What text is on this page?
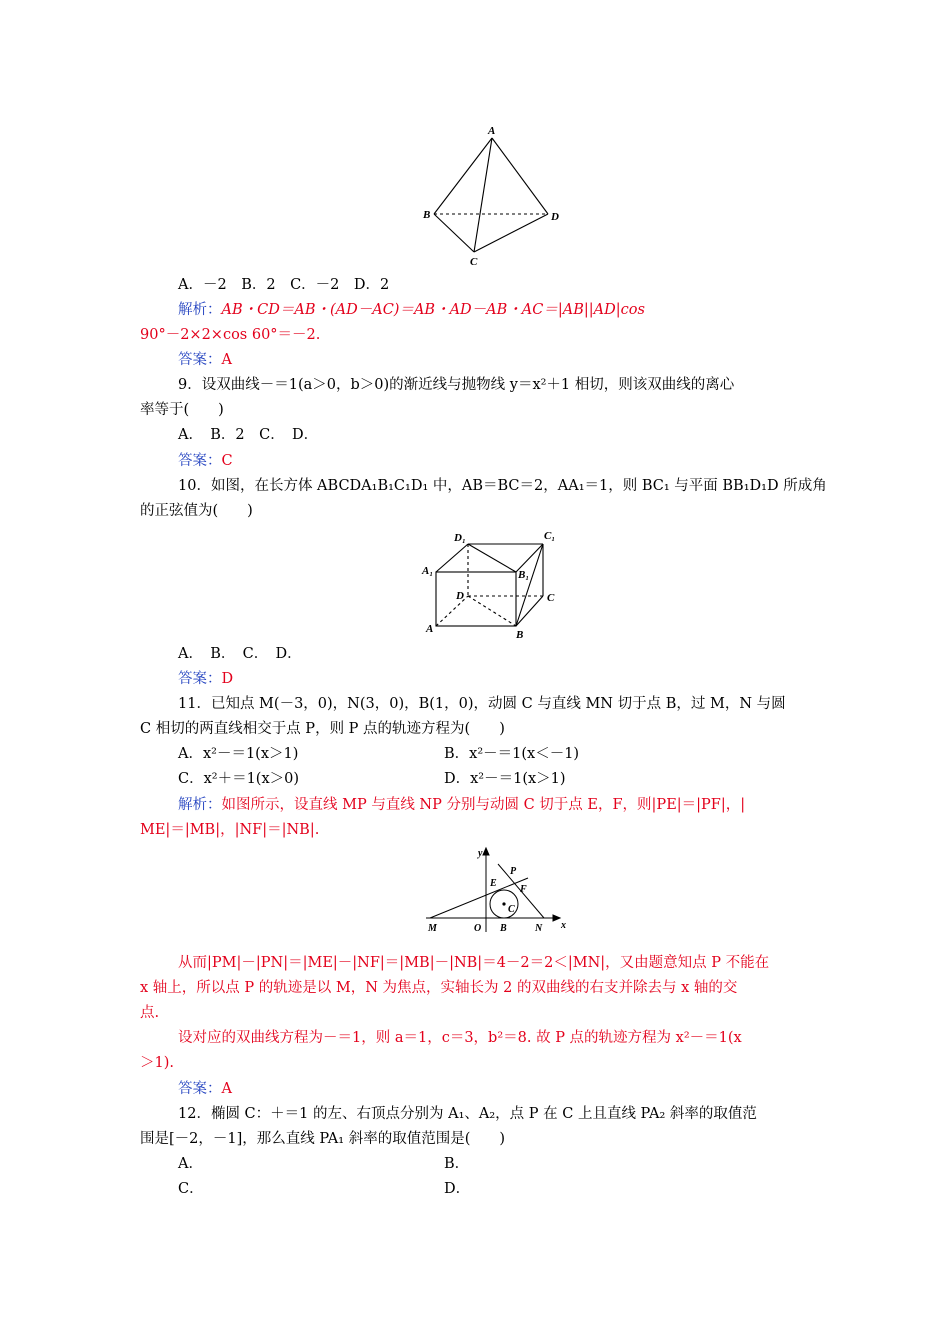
A
B
C
D
A．－2　B．2　C．－2　D．2
解析：AB・CD＝AB・(AD－AC)＝AB・AD－AB・AC＝|AB||AD|cos
90°－2×2×cos 60°＝－2.
答案：A
9．设双曲线－＝1(a＞0，b＞0)的渐近线与抛物线 y＝x²＋1 相切，则该双曲线的离心
率等于(　　)
A．　B．2　C．　D．
答案：C
10．如图，在长方体 ABCDA₁B₁C₁D₁ 中，AB＝BC＝2，AA₁＝1，则 BC₁ 与平面 BB₁D₁D 所成角
的正弦值为(　　)
D₁	C₁
A₁	B₁
D	C
A	B
A．　B．　C．　D．
答案：D
11．已知点 M(－3，0)，N(3，0)，B(1，0)，动圆 C 与直线 MN 切于点 B，过 M，N 与圆
C 相切的两直线相交于点 P，则 P 点的轨迹方程为(　　)
A．x²－＝1(x＞1)	B．x²－＝1(x＜－1)
C．x²＋＝1(x＞0)	D．x²－＝1(x＞1)
解析：如图所示，设直线 MP 与直线 NP 分别与动圆 C 切于点 E，F，则|PE|＝|PF|，|
ME|＝|MB|，|NF|＝|NB|.
y
x
P
E
F
C
M	O B	N
从而|PM|－|PN|＝|ME|－|NF|＝|MB|－|NB|＝4－2＝2＜|MN|，又由题意知点 P 不能在
x 轴上，所以点 P 的轨迹是以 M，N 为焦点，实轴长为 2 的双曲线的右支并除去与 x 轴的交
点.
设对应的双曲线方程为－＝1，则 a＝1，c＝3，b²＝8. 故 P 点的轨迹方程为 x²－＝1(x
＞1).
答案：A
12．椭圆 C：＋＝1 的左、右顶点分别为 A₁、A₂，点 P 在 C 上且直线 PA₂ 斜率的取值范
围是[－2，－1]，那么直线 PA₁ 斜率的取值范围是(　　)
A．	B．
C．	D．
